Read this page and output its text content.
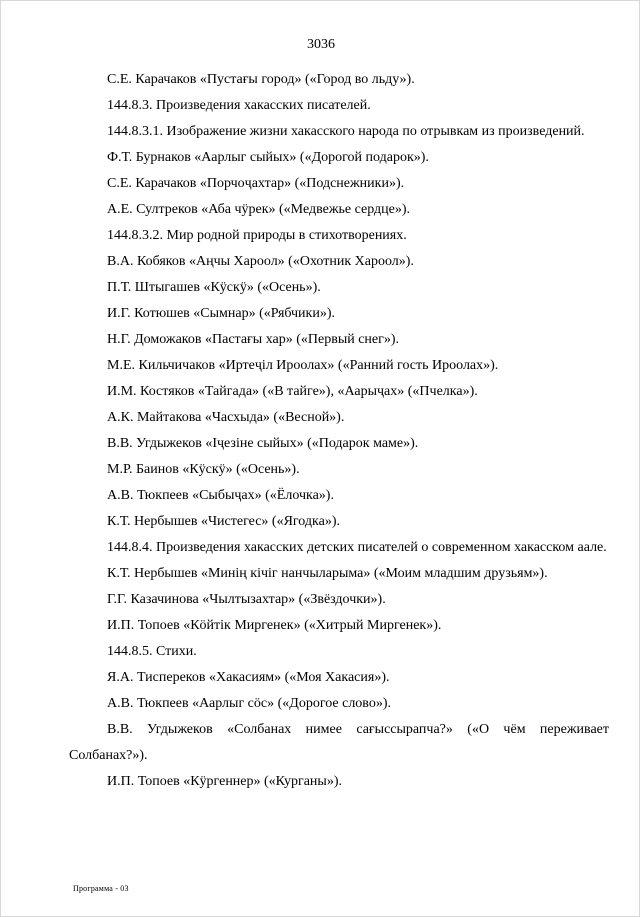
3036

С.Е. Карачаков «Пустағы город» («Город во льду»).

144.8.3. Произведения хакасских писателей.

144.8.3.1. Изображение жизни хакасского народа по отрывкам из произведений.

Ф.Т. Бурнаков «Аарлыг сыйых» («Дорогой подарок»).

С.Е. Карачаков «Порчоҷахтар» («Подснежники»).

А.Е. Султреков «Аба чӱрек» («Медвежье сердце»).

144.8.3.2. Мир родной природы в стихотворениях.

В.А. Кобяков «Аңчы Хароол» («Охотник Хароол»).

П.Т. Штыгашев «Кӱскӱ» («Осень»).

И.Г. Котюшев «Сымнар» («Рябчики»).

Н.Г. Доможаков «Пастағы хар» («Первый снег»).

М.Е. Кильчичаков «Иртеҷіл Ироолах» («Ранний гость Ироолах»).

И.М. Костяков «Тайгада» («В тайге»), «Аарыҷах» («Пчелка»).

А.К. Майтакова «Часхыда» («Весной»).

В.В. Угдыжеков «Іҷезіне сыйых» («Подарок маме»).

М.Р. Баинов «Кӱскӱ» («Осень»).

А.В. Тюкпеев «Сыбыҷах» («Ёлочка»).

К.Т. Нербышев «Чистегес» («Ягодка»).

144.8.4. Произведения хакасских детских писателей о современном хакасском аале.

К.Т. Нербышев «Минің кічіг нанчыларыма» («Моим младшим друзьям»).

Г.Г. Казачинова «Чылтызахтар» («Звёздочки»).

И.П. Топоев «Кӧйтік Миргенек» («Хитрый Миргенек»).

144.8.5. Стихи.

Я.А. Тиспереков «Хакасиям» («Моя Хакасия»).

А.В. Тюкпеев «Аарлыг сӧс» («Дорогое слово»).

В.В. Угдыжеков «Солбанах нимее сағыссырапча?» («О чём переживает Солбанах?»).

И.П. Топоев «Кӱргеннер» («Курганы»).

Программа - 03
